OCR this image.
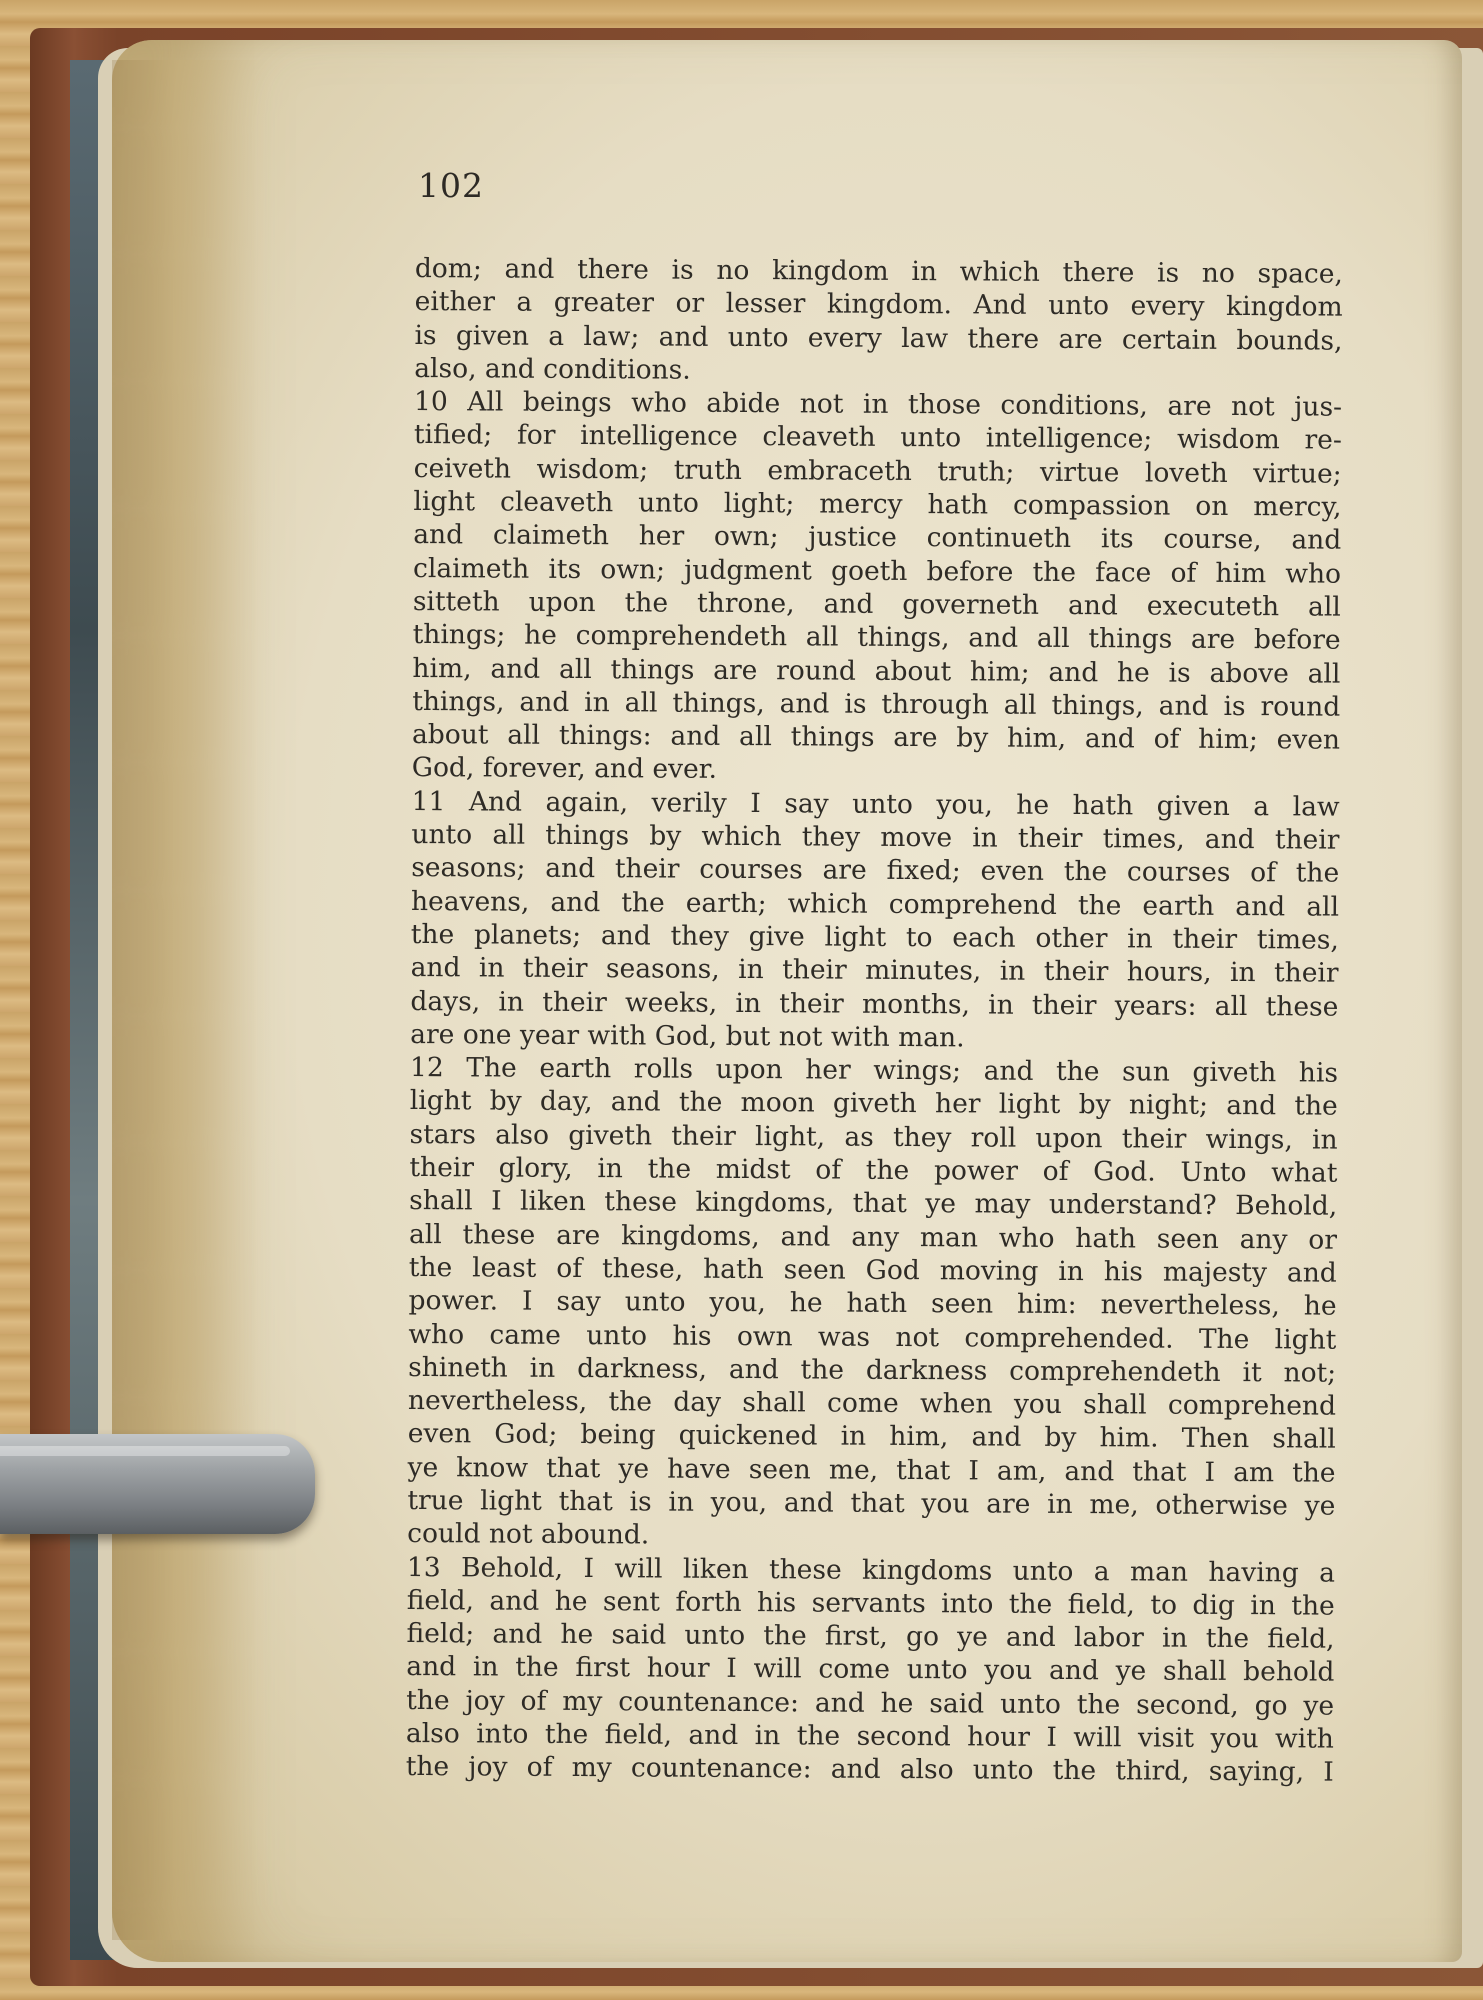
102

dom; and there is no kingdom in which there is no space,

either a greater or lesser kingdom. And unto every kingdom

is given a law; and unto every law there are certain bounds,

also, and conditions.

10 All beings who abide not in those conditions, are not jus-

tified; for intelligence cleaveth unto intelligence; wisdom re-

ceiveth wisdom; truth embraceth truth; virtue loveth virtue;

light cleaveth unto light; mercy hath compassion on mercy,

and claimeth her own; justice continueth its course, and

claimeth its own; judgment goeth before the face of him who

sitteth upon the throne, and governeth and executeth all

things; he comprehendeth all things, and all things are before

him, and all things are round about him; and he is above all

things, and in all things, and is through all things, and is round

about all things: and all things are by him, and of him; even

God, forever, and ever.

11 And again, verily I say unto you, he hath given a law

unto all things by which they move in their times, and their

seasons; and their courses are fixed; even the courses of the

heavens, and the earth; which comprehend the earth and all

the planets; and they give light to each other in their times,

and in their seasons, in their minutes, in their hours, in their

days, in their weeks, in their months, in their years: all these

are one year with God, but not with man.

12 The earth rolls upon her wings; and the sun giveth his

light by day, and the moon giveth her light by night; and the

stars also giveth their light, as they roll upon their wings, in

their glory, in the midst of the power of God. Unto what

shall I liken these kingdoms, that ye may understand? Behold,

all these are kingdoms, and any man who hath seen any or

the least of these, hath seen God moving in his majesty and

power. I say unto you, he hath seen him: nevertheless, he

who came unto his own was not comprehended. The light

shineth in darkness, and the darkness comprehendeth it not;

nevertheless, the day shall come when you shall comprehend

even God; being quickened in him, and by him. Then shall

ye know that ye have seen me, that I am, and that I am the

true light that is in you, and that you are in me, otherwise ye

could not abound.

13 Behold, I will liken these kingdoms unto a man having a

field, and he sent forth his servants into the field, to dig in the

field; and he said unto the first, go ye and labor in the field,

and in the first hour I will come unto you and ye shall behold

the joy of my countenance: and he said unto the second, go ye

also into the field, and in the second hour I will visit you with

the joy of my countenance: and also unto the third, saying, I
